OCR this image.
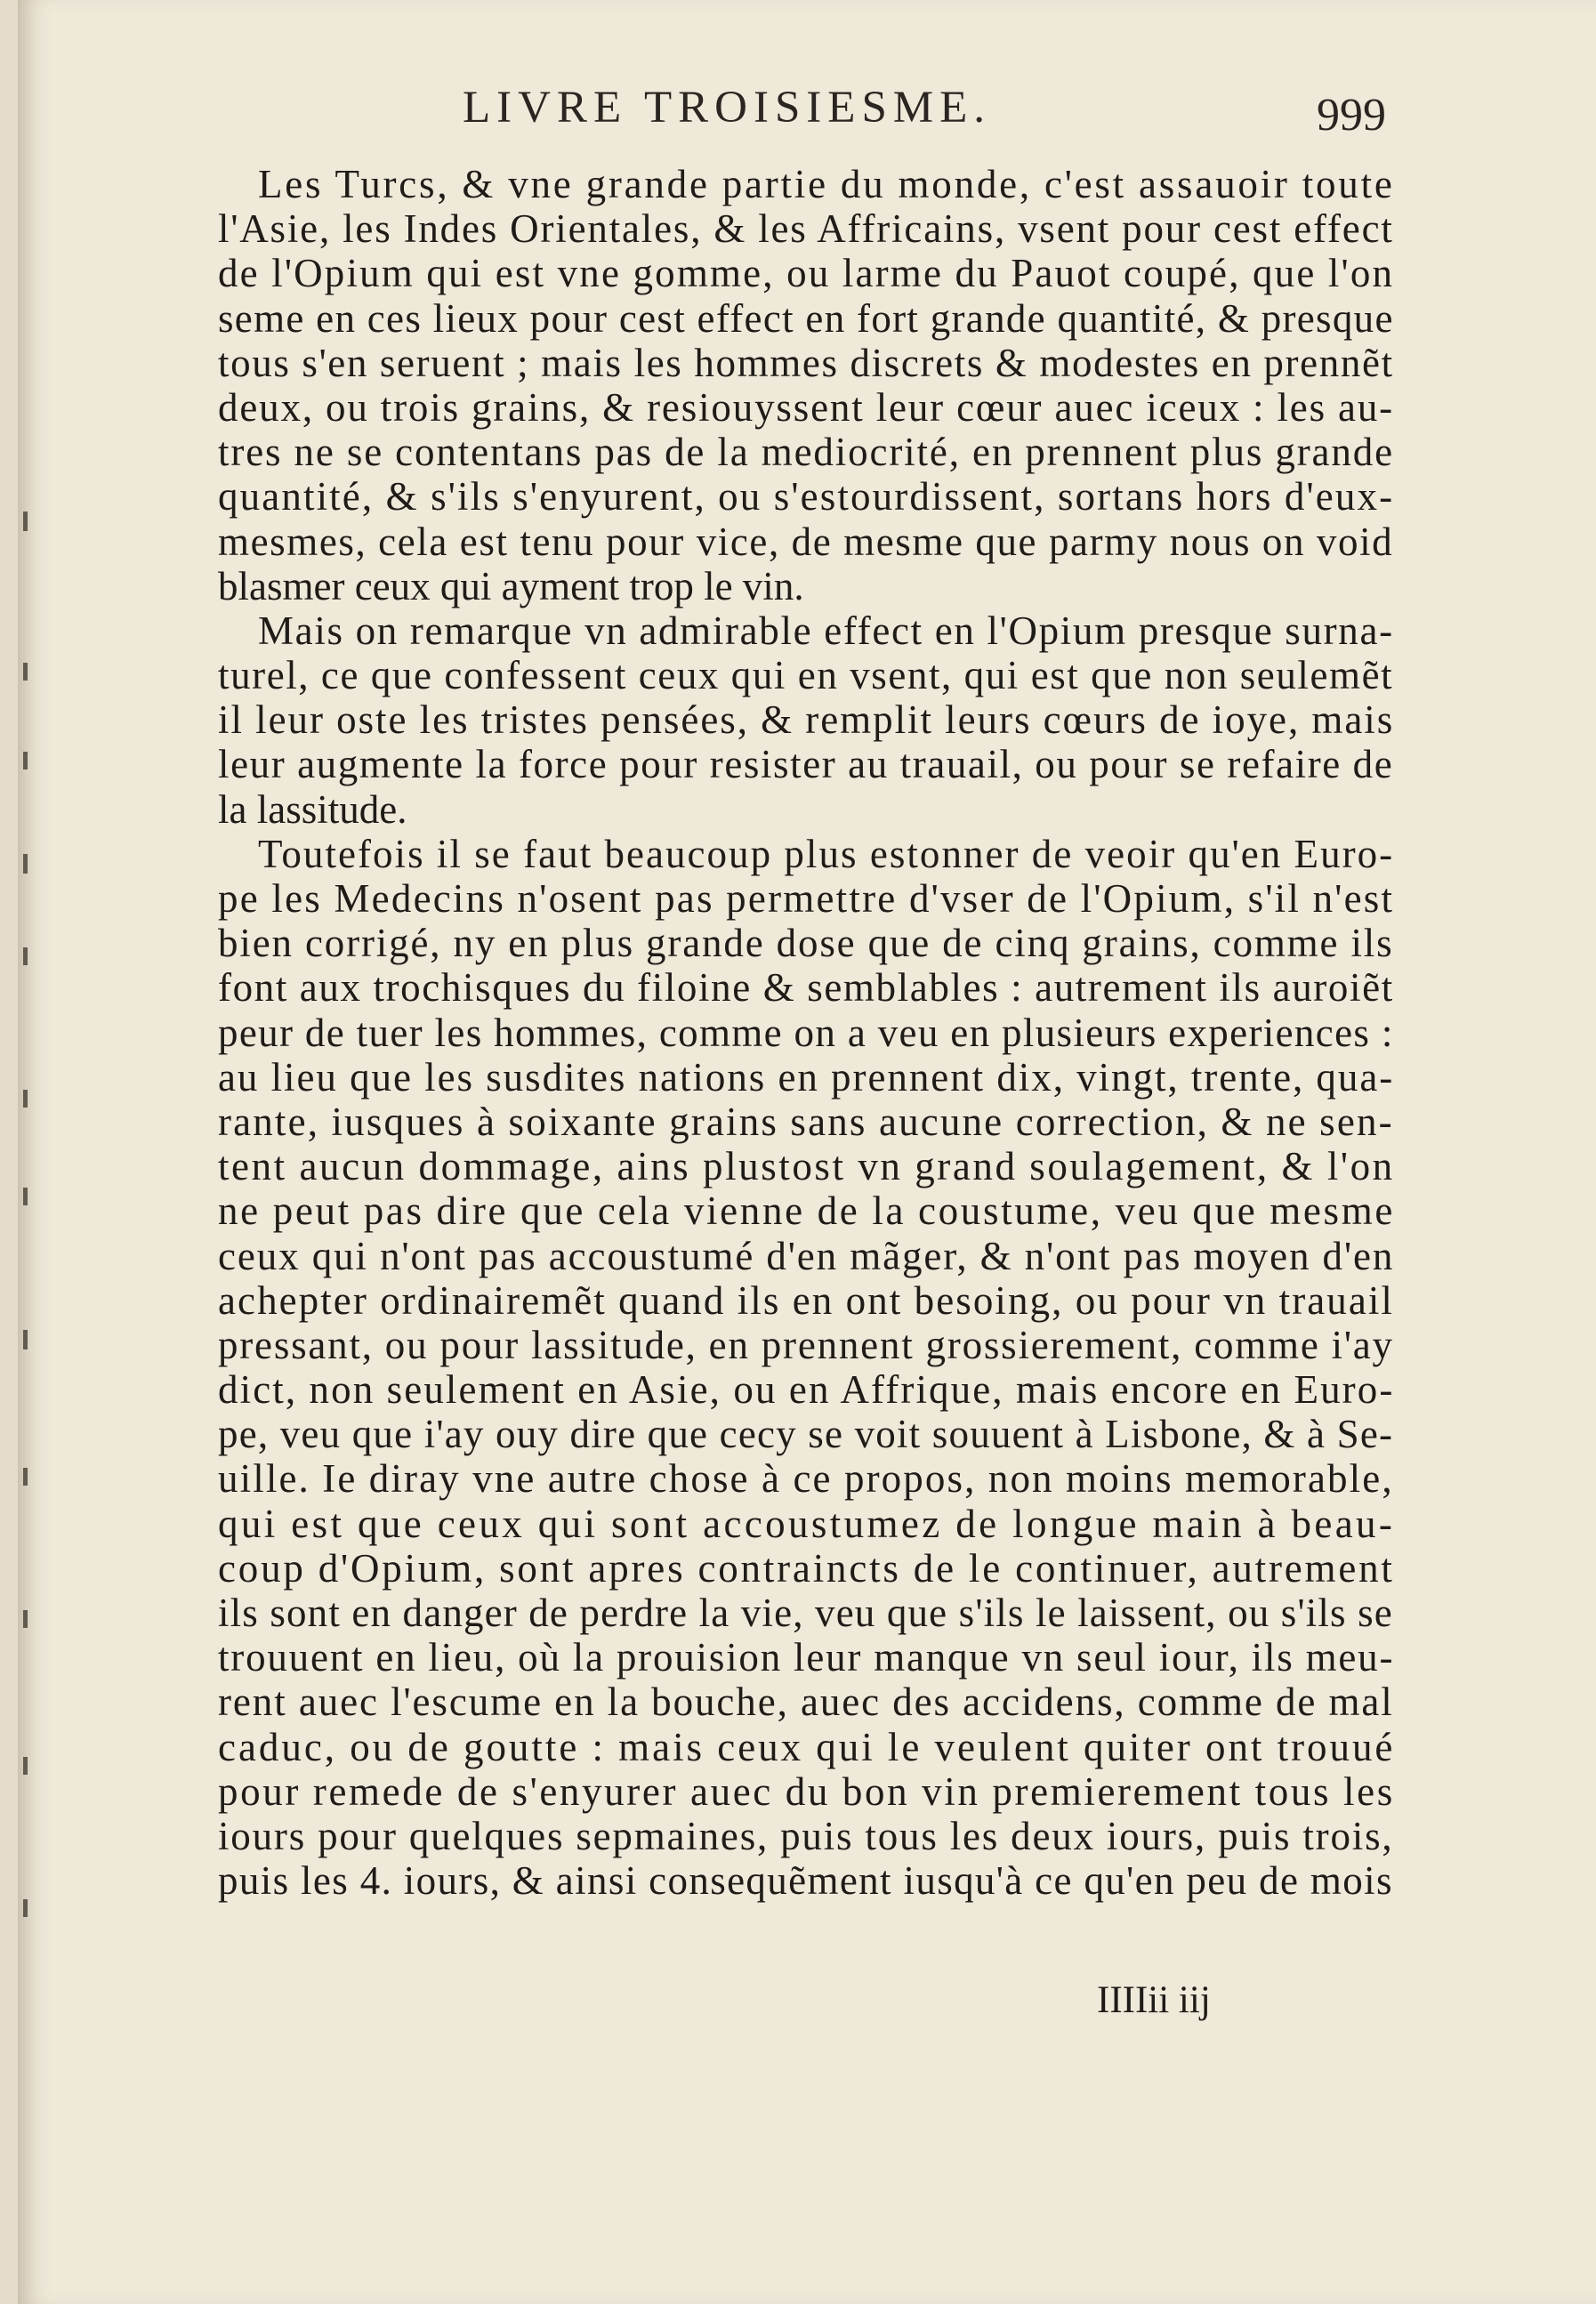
LIVRE TROISIESME.	999
Les Turcs, & vne grande partie du monde, c'est assauoir toute
l'Asie, les Indes Orientales, & les Affricains, vsent pour cest effect
de l'Opium qui est vne gomme, ou larme du Pauot coupé, que l'on
seme en ces lieux pour cest effect en fort grande quantité, & presque
tous s'en seruent ; mais les hommes discrets & modestes en prennẽt
deux, ou trois grains, & resiouyssent leur cœur auec iceux : les au-
tres ne se contentans pas de la mediocrité, en prennent plus grande
quantité, & s'ils s'enyurent, ou s'estourdissent, sortans hors d'eux-
mesmes, cela est tenu pour vice, de mesme que parmy nous on void
blasmer ceux qui ayment trop le vin.
Mais on remarque vn admirable effect en l'Opium presque surna-
turel, ce que confessent ceux qui en vsent, qui est que non seulemẽt
il leur oste les tristes pensées, & remplit leurs cœurs de ioye, mais
leur augmente la force pour resister au trauail, ou pour se refaire de
la lassitude.
Toutefois il se faut beaucoup plus estonner de veoir qu'en Euro-
pe les Medecins n'osent pas permettre d'vser de l'Opium, s'il n'est
bien corrigé, ny en plus grande dose que de cinq grains, comme ils
font aux trochisques du filoine & semblables : autrement ils auroiẽt
peur de tuer les hommes, comme on a veu en plusieurs experiences :
au lieu que les susdites nations en prennent dix, vingt, trente, qua-
rante, iusques à soixante grains sans aucune correction, & ne sen-
tent aucun dommage, ains plustost vn grand soulagement, & l'on
ne peut pas dire que cela vienne de la coustume, veu que mesme
ceux qui n'ont pas accoustumé d'en mãger, & n'ont pas moyen d'en
achepter ordinairemẽt quand ils en ont besoing, ou pour vn trauail
pressant, ou pour lassitude, en prennent grossierement, comme i'ay
dict, non seulement en Asie, ou en Affrique, mais encore en Euro-
pe, veu que i'ay ouy dire que cecy se voit souuent à Lisbone, & à Se-
uille. Ie diray vne autre chose à ce propos, non moins memorable,
qui est que ceux qui sont accoustumez de longue main à beau-
coup d'Opium, sont apres contraincts de le continuer, autrement
ils sont en danger de perdre la vie, veu que s'ils le laissent, ou s'ils se
trouuent en lieu, où la prouision leur manque vn seul iour, ils meu-
rent auec l'escume en la bouche, auec des accidens, comme de mal
caduc, ou de goutte : mais ceux qui le veulent quiter ont trouué
pour remede de s'enyurer auec du bon vin premierement tous les
iours pour quelques sepmaines, puis tous les deux iours, puis trois,
puis les 4. iours, & ainsi consequẽment iusqu'à ce qu'en peu de mois
IIIIii iij
